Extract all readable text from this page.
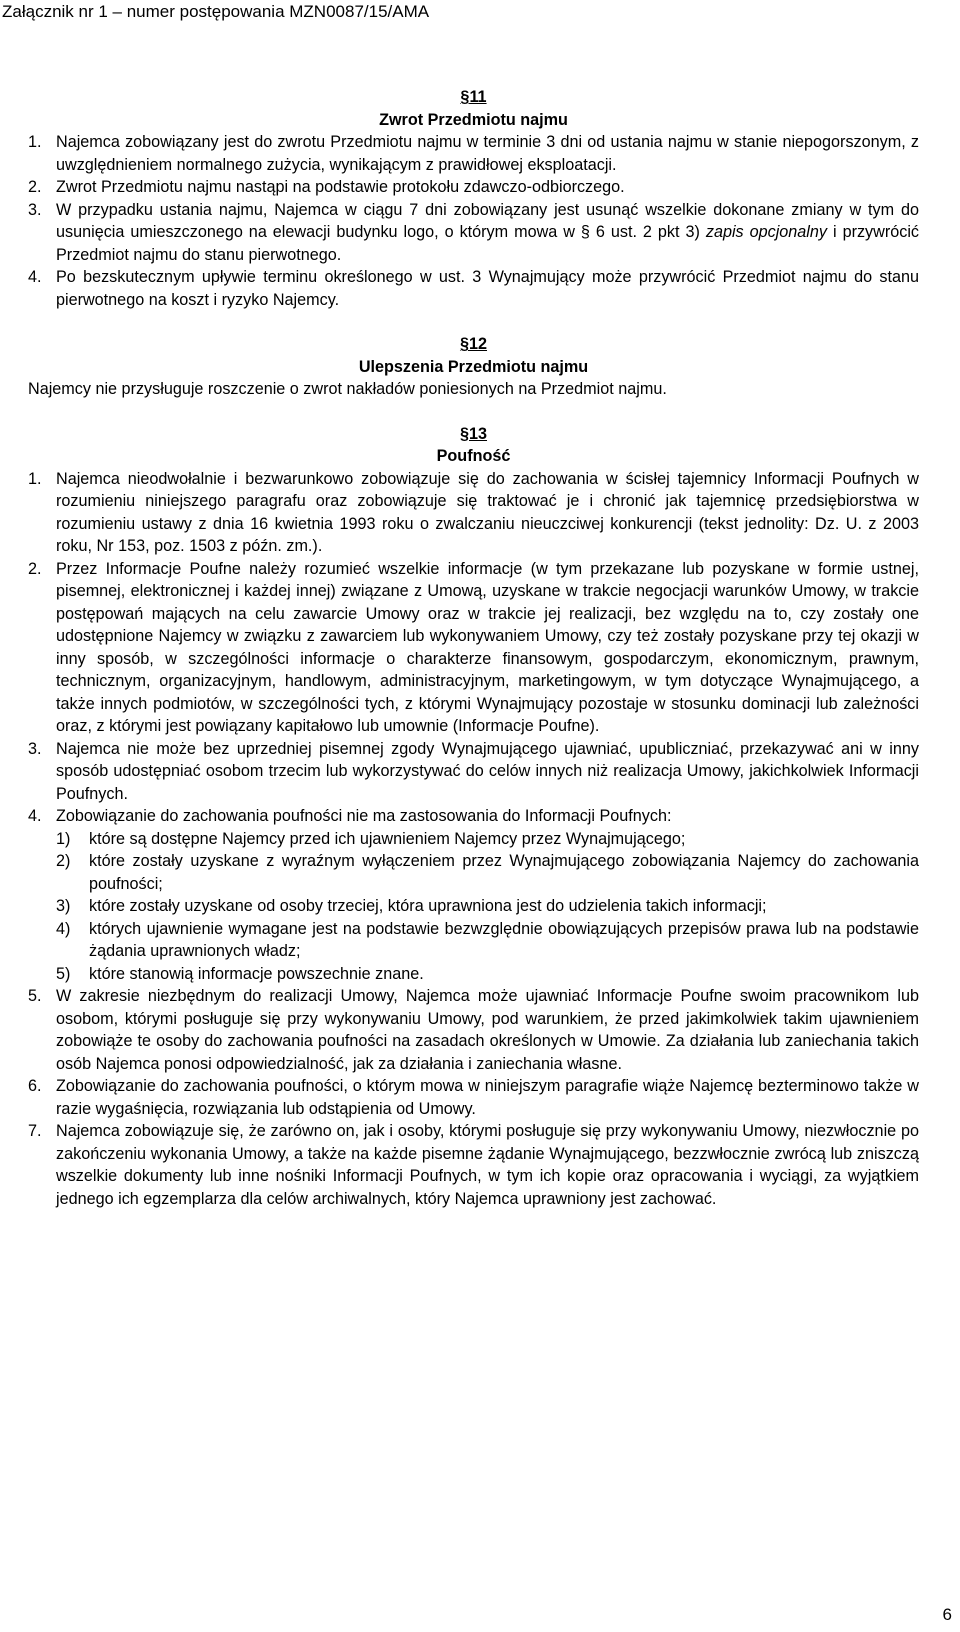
Załącznik nr 1 – numer postępowania MZN0087/15/AMA
§11
Zwrot Przedmiotu najmu
1. Najemca zobowiązany jest do zwrotu Przedmiotu najmu w terminie 3 dni od ustania najmu w stanie niepogorszonym, z uwzględnieniem normalnego zużycia, wynikającym z prawidłowej eksploatacji.
2. Zwrot Przedmiotu najmu nastąpi na podstawie protokołu zdawczo-odbiorczego.
3. W przypadku ustania najmu, Najemca w ciągu 7 dni zobowiązany jest usunąć wszelkie dokonane zmiany w tym do usunięcia umieszczonego na elewacji budynku logo, o którym mowa w § 6 ust. 2 pkt 3) zapis opcjonalny i przywrócić Przedmiot najmu do stanu pierwotnego.
4. Po bezskutecznym upływie terminu określonego w ust. 3 Wynajmujący może przywrócić Przedmiot najmu do stanu pierwotnego na koszt i ryzyko Najemcy.
§12
Ulepszenia Przedmiotu najmu
Najemcy nie przysługuje roszczenie o zwrot nakładów poniesionych na Przedmiot najmu.
§13
Poufność
1. Najemca nieodwołalnie i bezwarunkowo zobowiązuje się do zachowania w ścisłej tajemnicy Informacji Poufnych w rozumieniu niniejszego paragrafu oraz zobowiązuje się traktować je i chronić jak tajemnicę przedsiębiorstwa w rozumieniu ustawy z dnia 16 kwietnia 1993 roku o zwalczaniu nieuczciwej konkurencji (tekst jednolity: Dz. U. z 2003 roku, Nr 153, poz. 1503 z późn. zm.).
2. Przez Informacje Poufne należy rozumieć wszelkie informacje (w tym przekazane lub pozyskane w formie ustnej, pisemnej, elektronicznej i każdej innej) związane z Umową, uzyskane w trakcie negocjacji warunków Umowy, w trakcie postępowań mających na celu zawarcie Umowy oraz w trakcie jej realizacji, bez względu na to, czy zostały one udostępnione Najemcy w związku z zawarciem lub wykonywaniem Umowy, czy też zostały pozyskane przy tej okazji w inny sposób, w szczególności informacje o charakterze finansowym, gospodarczym, ekonomicznym, prawnym, technicznym, organizacyjnym, handlowym, administracyjnym, marketingowym, w tym dotyczące Wynajmującego, a także innych podmiotów, w szczególności tych, z którymi Wynajmujący pozostaje w stosunku dominacji lub zależności oraz, z którymi jest powiązany kapitałowo lub umownie (Informacje Poufne).
3. Najemca nie może bez uprzedniej pisemnej zgody Wynajmującego ujawniać, upubliczniać, przekazywać ani w inny sposób udostępniać osobom trzecim lub wykorzystywać do celów innych niż realizacja Umowy, jakichkolwiek Informacji Poufnych.
4. Zobowiązanie do zachowania poufności nie ma zastosowania do Informacji Poufnych:
1)	które są dostępne Najemcy przed ich ujawnieniem Najemcy przez Wynajmującego;
2)	które zostały uzyskane z wyraźnym wyłączeniem przez Wynajmującego zobowiązania Najemcy do zachowania poufności;
3)	które zostały uzyskane od osoby trzeciej, która uprawniona jest do udzielenia takich informacji;
4)	których ujawnienie wymagane jest na podstawie bezwzględnie obowiązujących przepisów prawa lub na podstawie żądania uprawnionych władz;
5)	które stanowią informacje powszechnie znane.
5. W zakresie niezbędnym do realizacji Umowy, Najemca może ujawniać Informacje Poufne swoim pracownikom lub osobom, którymi posługuje się przy wykonywaniu Umowy, pod warunkiem, że przed jakimkolwiek takim ujawnieniem zobowiąże te osoby do zachowania poufności na zasadach określonych w Umowie. Za działania lub zaniechania takich osób Najemca ponosi odpowiedzialność, jak za działania i zaniechania własne.
6. Zobowiązanie do zachowania poufności, o którym mowa w niniejszym paragrafie wiąże Najemcę bezterminowo także w razie wygaśnięcia, rozwiązania lub odstąpienia od Umowy.
7. Najemca zobowiązuje się, że zarówno on, jak i osoby, którymi posługuje się przy wykonywaniu Umowy, niezwłocznie po zakończeniu wykonania Umowy, a także na każde pisemne żądanie Wynajmującego, bezzwłocznie zwrócą lub zniszczą wszelkie dokumenty lub inne nośniki Informacji Poufnych, w tym ich kopie oraz opracowania i wyciągi, za wyjątkiem jednego ich egzemplarza dla celów archiwalnych, który Najemca uprawniony jest zachować.
6
